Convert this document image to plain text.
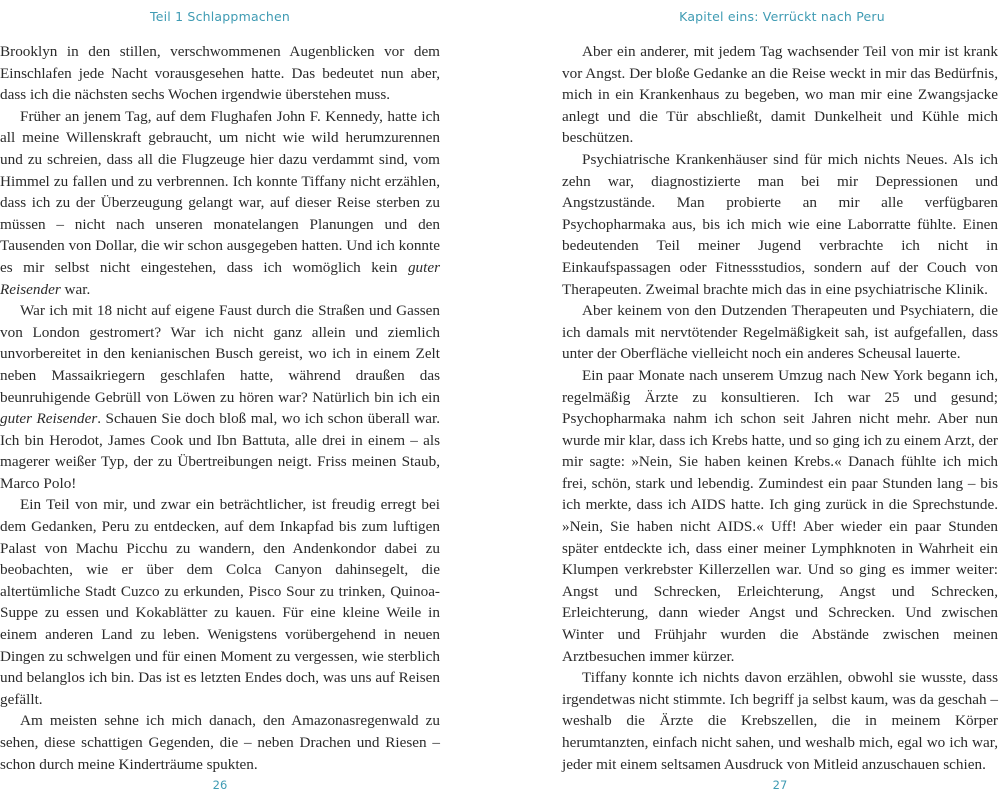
Teil 1 Schlappmachen

Brooklyn in den stillen, verschwommenen Augenblicken vor dem Einschlafen jede Nacht vorausgesehen hatte. Das bedeutet nun aber, dass ich die nächsten sechs Wochen irgendwie überstehen muss.

Früher an jenem Tag, auf dem Flughafen John F. Kennedy, hatte ich all meine Willenskraft gebraucht, um nicht wie wild herumzurennen und zu schreien, dass all die Flugzeuge hier dazu verdammt sind, vom Himmel zu fallen und zu verbrennen. Ich konnte Tiffany nicht erzählen, dass ich zu der Überzeugung gelangt war, auf dieser Reise sterben zu müssen – nicht nach unseren monatelangen Planungen und den Tausenden von Dollar, die wir schon ausgegeben hatten. Und ich konnte es mir selbst nicht eingestehen, dass ich womöglich kein guter Reisender war.

War ich mit 18 nicht auf eigene Faust durch die Straßen und Gassen von London gestromert? War ich nicht ganz allein und ziemlich unvorbereitet in den kenianischen Busch gereist, wo ich in einem Zelt neben Massaikriegern geschlafen hatte, während draußen das beunruhigende Gebrüll von Löwen zu hören war? Natürlich bin ich ein guter Reisender. Schauen Sie doch bloß mal, wo ich schon überall war. Ich bin Herodot, James Cook und Ibn Battuta, alle drei in einem – als magerer weißer Typ, der zu Übertreibungen neigt. Friss meinen Staub, Marco Polo!

Ein Teil von mir, und zwar ein beträchtlicher, ist freudig erregt bei dem Gedanken, Peru zu entdecken, auf dem Inkapfad bis zum luftigen Palast von Machu Picchu zu wandern, den Andenkondor dabei zu beobachten, wie er über dem Colca Canyon dahinsegelt, die altertümliche Stadt Cuzco zu erkunden, Pisco Sour zu trinken, Quinoa-Suppe zu essen und Kokablätter zu kauen. Für eine kleine Weile in einem anderen Land zu leben. Wenigstens vorübergehend in neuen Dingen zu schwelgen und für einen Moment zu vergessen, wie sterblich und belanglos ich bin. Das ist es letzten Endes doch, was uns auf Reisen gefällt.

Am meisten sehne ich mich danach, den Amazonasregenwald zu sehen, diese schattigen Gegenden, die – neben Drachen und Riesen – schon durch meine Kinderträume spukten.

26
Kapitel eins: Verrückt nach Peru

Aber ein anderer, mit jedem Tag wachsender Teil von mir ist krank vor Angst. Der bloße Gedanke an die Reise weckt in mir das Bedürfnis, mich in ein Krankenhaus zu begeben, wo man mir eine Zwangsjacke anlegt und die Tür abschließt, damit Dunkelheit und Kühle mich beschützen.

Psychiatrische Krankenhäuser sind für mich nichts Neues. Als ich zehn war, diagnostizierte man bei mir Depressionen und Angstzustände. Man probierte an mir alle verfügbaren Psychopharmaka aus, bis ich mich wie eine Laborratte fühlte. Einen bedeutenden Teil meiner Jugend verbrachte ich nicht in Einkaufspassagen oder Fitnessstudios, sondern auf der Couch von Therapeuten. Zweimal brachte mich das in eine psychiatrische Klinik.

Aber keinem von den Dutzenden Therapeuten und Psychiatern, die ich damals mit nervtötender Regelmäßigkeit sah, ist aufgefallen, dass unter der Oberfläche vielleicht noch ein anderes Scheusal lauerte.

Ein paar Monate nach unserem Umzug nach New York begann ich, regelmäßig Ärzte zu konsultieren. Ich war 25 und gesund; Psychopharmaka nahm ich schon seit Jahren nicht mehr. Aber nun wurde mir klar, dass ich Krebs hatte, und so ging ich zu einem Arzt, der mir sagte: »Nein, Sie haben keinen Krebs.« Danach fühlte ich mich frei, schön, stark und lebendig. Zumindest ein paar Stunden lang – bis ich merkte, dass ich AIDS hatte. Ich ging zurück in die Sprechstunde. »Nein, Sie haben nicht AIDS.« Uff! Aber wieder ein paar Stunden später entdeckte ich, dass einer meiner Lymphknoten in Wahrheit ein Klumpen verkrebster Killerzellen war. Und so ging es immer weiter: Angst und Schrecken, Erleichterung, Angst und Schrecken, Erleichterung, dann wieder Angst und Schrecken. Und zwischen Winter und Frühjahr wurden die Abstände zwischen meinen Arztbesuchen immer kürzer.

Tiffany konnte ich nichts davon erzählen, obwohl sie wusste, dass irgendetwas nicht stimmte. Ich begriff ja selbst kaum, was da geschah – weshalb die Ärzte die Krebszellen, die in meinem Körper herumtanzten, einfach nicht sahen, und weshalb mich, egal wo ich war, jeder mit einem seltsamen Ausdruck von Mitleid anzuschauen schien.

27
